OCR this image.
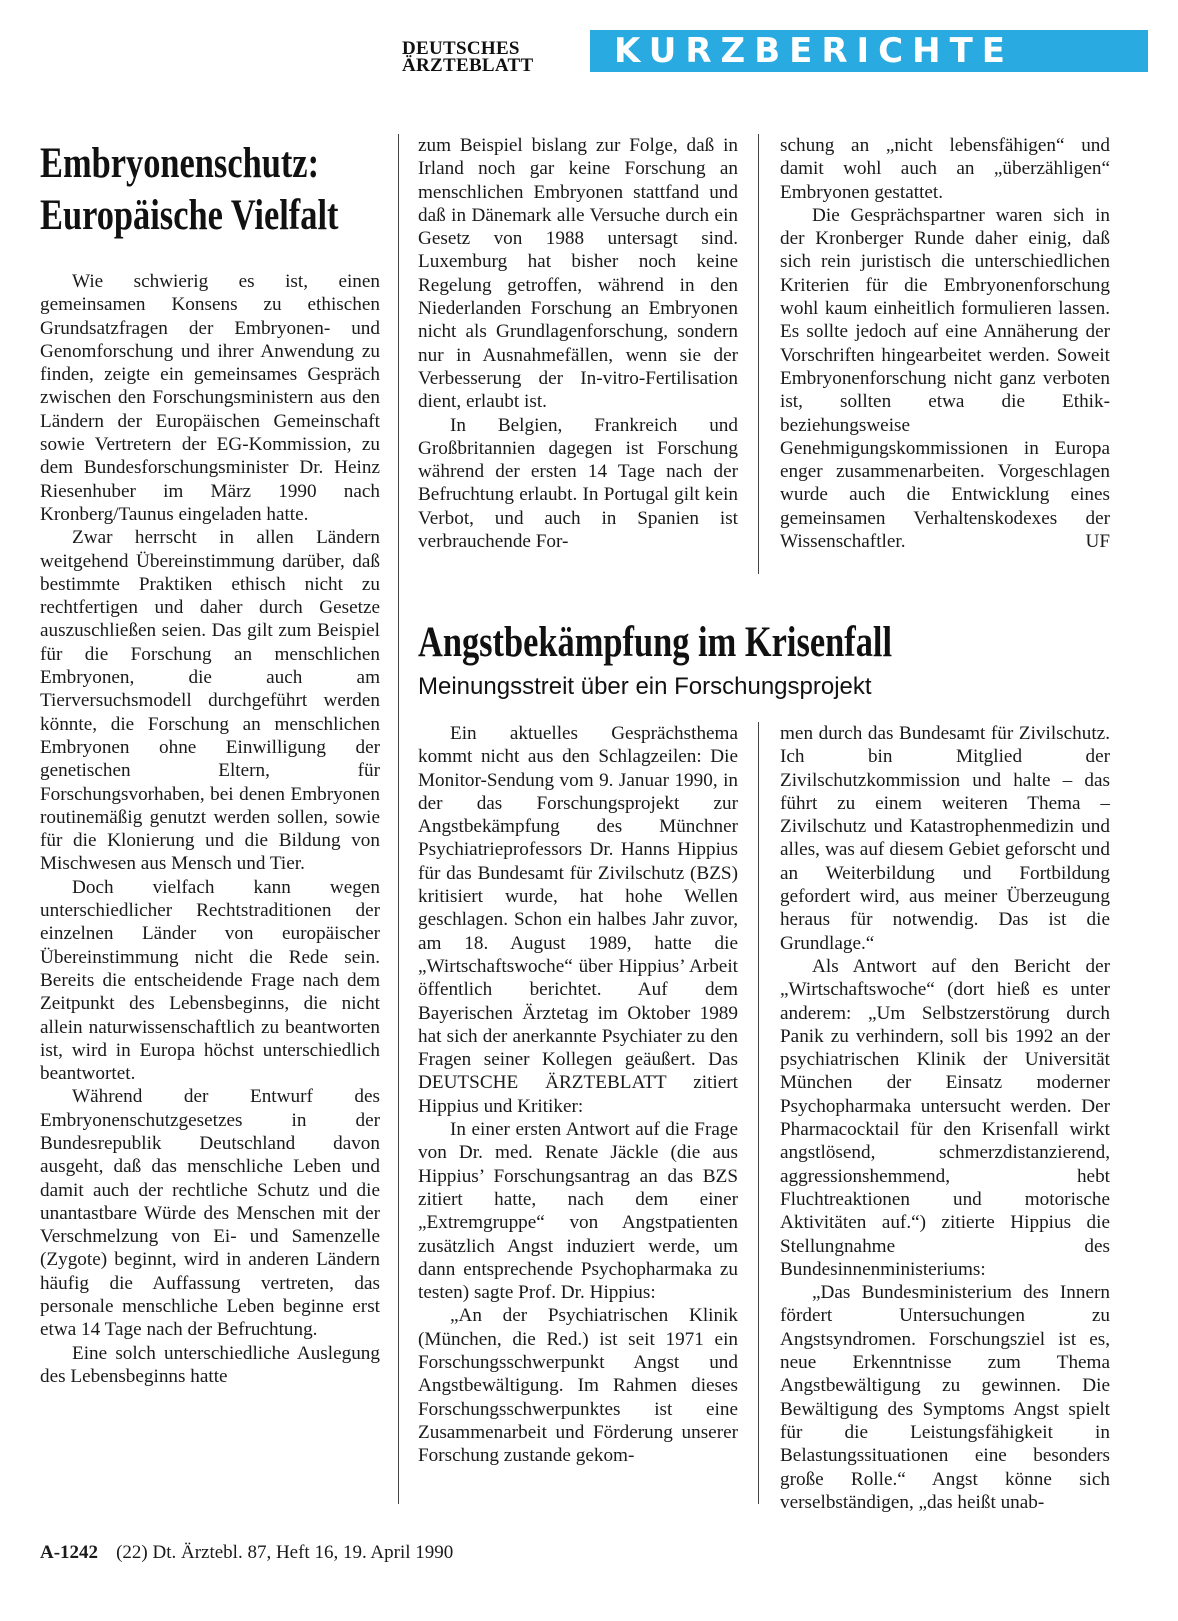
DEUTSCHES
ÄRZTEBLATT	KURZBERICHTE
Embryonenschutz:
Europäische Vielfalt

Wie schwierig es ist, einen gemeinsamen Konsens zu ethischen Grundsatzfragen der Embryonen- und Genomforschung und ihrer Anwendung zu finden, zeigte ein gemeinsames Gespräch zwischen den Forschungsministern aus den Ländern der Europäischen Gemeinschaft sowie Vertretern der EG-Kommission, zu dem Bundesforschungsminister Dr. Heinz Riesenhuber im März 1990 nach Kronberg/Taunus eingeladen hatte.

Zwar herrscht in allen Ländern weitgehend Übereinstimmung darüber, daß bestimmte Praktiken ethisch nicht zu rechtfertigen und daher durch Gesetze auszuschließen seien. Das gilt zum Beispiel für die Forschung an menschlichen Embryonen, die auch am Tierversuchsmodell durchgeführt werden könnte, die Forschung an menschlichen Embryonen ohne Einwilligung der genetischen Eltern, für Forschungsvorhaben, bei denen Embryonen routinemäßig genutzt werden sollen, sowie für die Klonierung und die Bildung von Mischwesen aus Mensch und Tier.

Doch vielfach kann wegen unterschiedlicher Rechtstraditionen der einzelnen Länder von europäischer Übereinstimmung nicht die Rede sein. Bereits die entscheidende Frage nach dem Zeitpunkt des Lebensbeginns, die nicht allein naturwissenschaftlich zu beantworten ist, wird in Europa höchst unterschiedlich beantwortet.

Während der Entwurf des Embryonenschutzgesetzes in der Bundesrepublik Deutschland davon ausgeht, daß das menschliche Leben und damit auch der rechtliche Schutz und die unantastbare Würde des Menschen mit der Verschmelzung von Ei- und Samenzelle (Zygote) beginnt, wird in anderen Ländern häufig die Auffassung vertreten, das personale menschliche Leben beginne erst etwa 14 Tage nach der Befruchtung.

Eine solch unterschiedliche Auslegung des Lebensbeginns hatte

zum Beispiel bislang zur Folge, daß in Irland noch gar keine Forschung an menschlichen Embryonen stattfand und daß in Dänemark alle Versuche durch ein Gesetz von 1988 untersagt sind. Luxemburg hat bisher noch keine Regelung getroffen, während in den Niederlanden Forschung an Embryonen nicht als Grundlagenforschung, sondern nur in Ausnahmefällen, wenn sie der Verbesserung der In-vitro-Fertilisation dient, erlaubt ist.

In Belgien, Frankreich und Großbritannien dagegen ist Forschung während der ersten 14 Tage nach der Befruchtung erlaubt. In Portugal gilt kein Verbot, und auch in Spanien ist verbrauchende For-

schung an „nicht lebensfähigen“ und damit wohl auch an „überzähligen“ Embryonen gestattet.

Die Gesprächspartner waren sich in der Kronberger Runde daher einig, daß sich rein juristisch die unterschiedlichen Kriterien für die Embryonenforschung wohl kaum einheitlich formulieren lassen. Es sollte jedoch auf eine Annäherung der Vorschriften hingearbeitet werden. Soweit Embryonenforschung nicht ganz verboten ist, sollten etwa die Ethik- beziehungsweise Genehmigungskommissionen in Europa enger zusammenarbeiten. Vorgeschlagen wurde auch die Entwicklung eines gemeinsamen Verhaltenskodexes der Wissenschaftler.	UF

Angstbekämpfung im Krisenfall
Meinungsstreit über ein Forschungsprojekt

Ein aktuelles Gesprächsthema kommt nicht aus den Schlagzeilen: Die Monitor-Sendung vom 9. Januar 1990, in der das Forschungsprojekt zur Angstbekämpfung des Münchner Psychiatrieprofessors Dr. Hanns Hippius für das Bundesamt für Zivilschutz (BZS) kritisiert wurde, hat hohe Wellen geschlagen. Schon ein halbes Jahr zuvor, am 18. August 1989, hatte die „Wirtschaftswoche“ über Hippius’ Arbeit öffentlich berichtet. Auf dem Bayerischen Ärztetag im Oktober 1989 hat sich der anerkannte Psychiater zu den Fragen seiner Kollegen geäußert. Das DEUTSCHE ÄRZTEBLATT zitiert Hippius und Kritiker:

In einer ersten Antwort auf die Frage von Dr. med. Renate Jäckle (die aus Hippius’ Forschungsantrag an das BZS zitiert hatte, nach dem einer „Extremgruppe“ von Angstpatienten zusätzlich Angst induziert werde, um dann entsprechende Psychopharmaka zu testen) sagte Prof. Dr. Hippius:

„An der Psychiatrischen Klinik (München, die Red.) ist seit 1971 ein Forschungsschwerpunkt Angst und Angstbewältigung. Im Rahmen dieses Forschungsschwerpunktes ist eine Zusammenarbeit und Förderung unserer Forschung zustande gekom-

men durch das Bundesamt für Zivilschutz. Ich bin Mitglied der Zivilschutzkommission und halte – das führt zu einem weiteren Thema – Zivilschutz und Katastrophenmedizin und alles, was auf diesem Gebiet geforscht und an Weiterbildung und Fortbildung gefordert wird, aus meiner Überzeugung heraus für notwendig. Das ist die Grundlage.“

Als Antwort auf den Bericht der „Wirtschaftswoche“ (dort hieß es unter anderem: „Um Selbstzerstörung durch Panik zu verhindern, soll bis 1992 an der psychiatrischen Klinik der Universität München der Einsatz moderner Psychopharmaka untersucht werden. Der Pharmacocktail für den Krisenfall wirkt angstlösend, schmerzdistanzierend, aggressionshemmend, hebt Fluchtreaktionen und motorische Aktivitäten auf.“) zitierte Hippius die Stellungnahme des Bundesinnenministeriums:

„Das Bundesministerium des Innern fördert Untersuchungen zu Angstsyndromen. Forschungsziel ist es, neue Erkenntnisse zum Thema Angstbewältigung zu gewinnen. Die Bewältigung des Symptoms Angst spielt für die Leistungsfähigkeit in Belastungssituationen eine besonders große Rolle.“ Angst könne sich verselbständigen, „das heißt unab-

A-1242 (22) Dt. Ärztebl. 87, Heft 16, 19. April 1990
